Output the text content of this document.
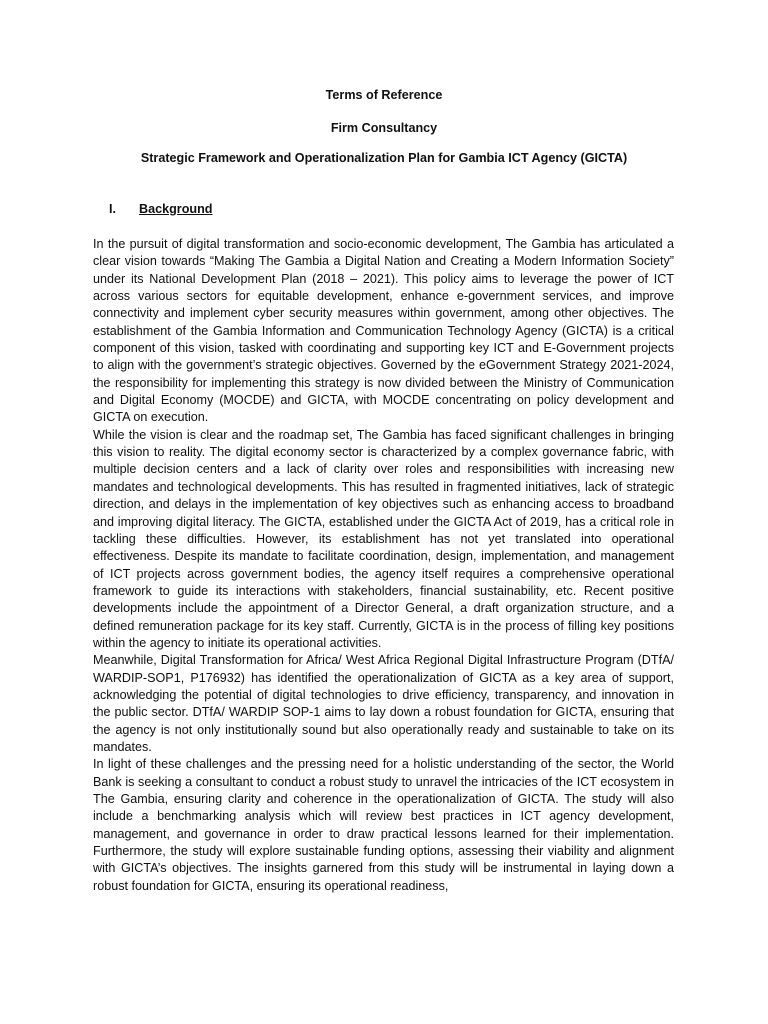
Terms of Reference

Firm Consultancy

Strategic Framework and Operationalization Plan for Gambia ICT Agency (GICTA)

I. Background

In the pursuit of digital transformation and socio-economic development, The Gambia has articulated a clear vision towards “Making The Gambia a Digital Nation and Creating a Modern Information Society” under its National Development Plan (2018 – 2021). This policy aims to leverage the power of ICT across various sectors for equitable development, enhance e-government services, and improve connectivity and implement cyber security measures within government, among other objectives. The establishment of the Gambia Information and Communication Technology Agency (GICTA) is a critical component of this vision, tasked with coordinating and supporting key ICT and E-Government projects to align with the government’s strategic objectives. Governed by the eGovernment Strategy 2021-2024, the responsibility for implementing this strategy is now divided between the Ministry of Communication and Digital Economy (MOCDE) and GICTA, with MOCDE concentrating on policy development and GICTA on execution.

While the vision is clear and the roadmap set, The Gambia has faced significant challenges in bringing this vision to reality. The digital economy sector is characterized by a complex governance fabric, with multiple decision centers and a lack of clarity over roles and responsibilities with increasing new mandates and technological developments. This has resulted in fragmented initiatives, lack of strategic direction, and delays in the implementation of key objectives such as enhancing access to broadband and improving digital literacy. The GICTA, established under the GICTA Act of 2019, has a critical role in tackling these difficulties. However, its establishment has not yet translated into operational effectiveness. Despite its mandate to facilitate coordination, design, implementation, and management of ICT projects across government bodies, the agency itself requires a comprehensive operational framework to guide its interactions with stakeholders, financial sustainability, etc. Recent positive developments include the appointment of a Director General, a draft organization structure, and a defined remuneration package for its key staff. Currently, GICTA is in the process of filling key positions within the agency to initiate its operational activities.

Meanwhile, Digital Transformation for Africa/ West Africa Regional Digital Infrastructure Program (DTfA/ WARDIP-SOP1, P176932) has identified the operationalization of GICTA as a key area of support, acknowledging the potential of digital technologies to drive efficiency, transparency, and innovation in the public sector. DTfA/ WARDIP SOP-1 aims to lay down a robust foundation for GICTA, ensuring that the agency is not only institutionally sound but also operationally ready and sustainable to take on its mandates.

In light of these challenges and the pressing need for a holistic understanding of the sector, the World Bank is seeking a consultant to conduct a robust study to unravel the intricacies of the ICT ecosystem in The Gambia, ensuring clarity and coherence in the operationalization of GICTA. The study will also include a benchmarking analysis which will review best practices in ICT agency development, management, and governance in order to draw practical lessons learned for their implementation. Furthermore, the study will explore sustainable funding options, assessing their viability and alignment with GICTA’s objectives. The insights garnered from this study will be instrumental in laying down a robust foundation for GICTA, ensuring its operational readiness,
